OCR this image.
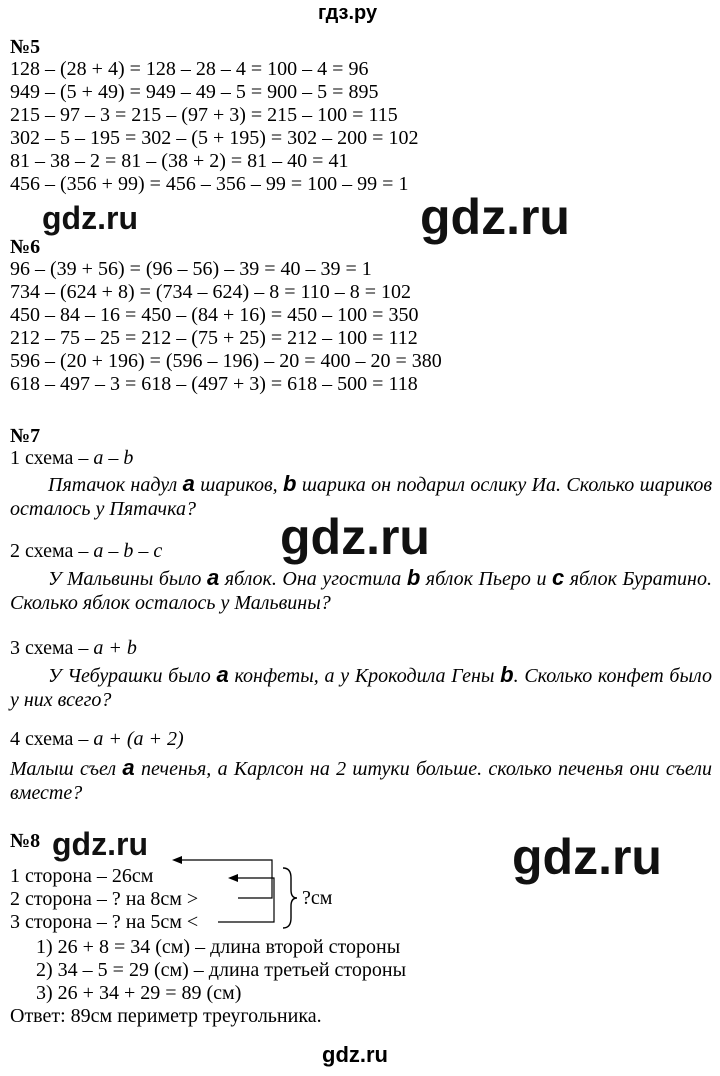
гдз.ру
№5
128 – (28 + 4) = 128 – 28 – 4 = 100 – 4 = 96
949 – (5 + 49) = 949 – 49 – 5 = 900 – 5 = 895
215 – 97 – 3 = 215 – (97 + 3) = 215 – 100 = 115
302 – 5 – 195 = 302 – (5 + 195) = 302 – 200 = 102
81 – 38 – 2 = 81 – (38 + 2) = 81 – 40 = 41
456 – (356 + 99) = 456 – 356 – 99 = 100 – 99 = 1
gdz.ru	gdz.ru
№6
96 – (39 + 56) = (96 – 56) – 39 = 40 – 39 = 1
734 – (624 + 8) = (734 – 624) – 8 = 110 – 8 = 102
450 – 84 – 16 = 450 – (84 + 16) = 450 – 100 = 350
212 – 75 – 25 = 212 – (75 + 25) = 212 – 100 = 112
596 – (20 + 196) = (596 – 196) – 20 = 400 – 20 = 380
618 – 497 – 3 = 618 – (497 + 3) = 618 – 500 = 118
№7
1 схема – a – b
Пятачок надул a шариков, b шарика он подарил ослику Иа. Сколько шариков осталось у Пятачка?	gdz.ru
2 схема – a – b – c
У Мальвины было a яблок. Она угостила b яблок Пьеро и c яблок Буратино. Сколько яблок осталось у Мальвины?
3 схема – a + b
У Чебурашки было a конфеты, а у Крокодила Гены b. Сколько конфет было у них всего?
4 схема – a + (a + 2)
Малыш съел a печенья, а Карлсон на 2 штуки больше. сколько печенья они съели вместе?
№8 gdz.ru	gdz.ru
1 сторона – 26см
2 сторона – ? на 8см >
3 сторона – ? на 5см <
?см
1) 26 + 8 = 34 (см) – длина второй стороны
2) 34 – 5 = 29 (см) – длина третьей стороны
3) 26 + 34 + 29 = 89 (см)
Ответ: 89см периметр треугольника.
gdz.ru
